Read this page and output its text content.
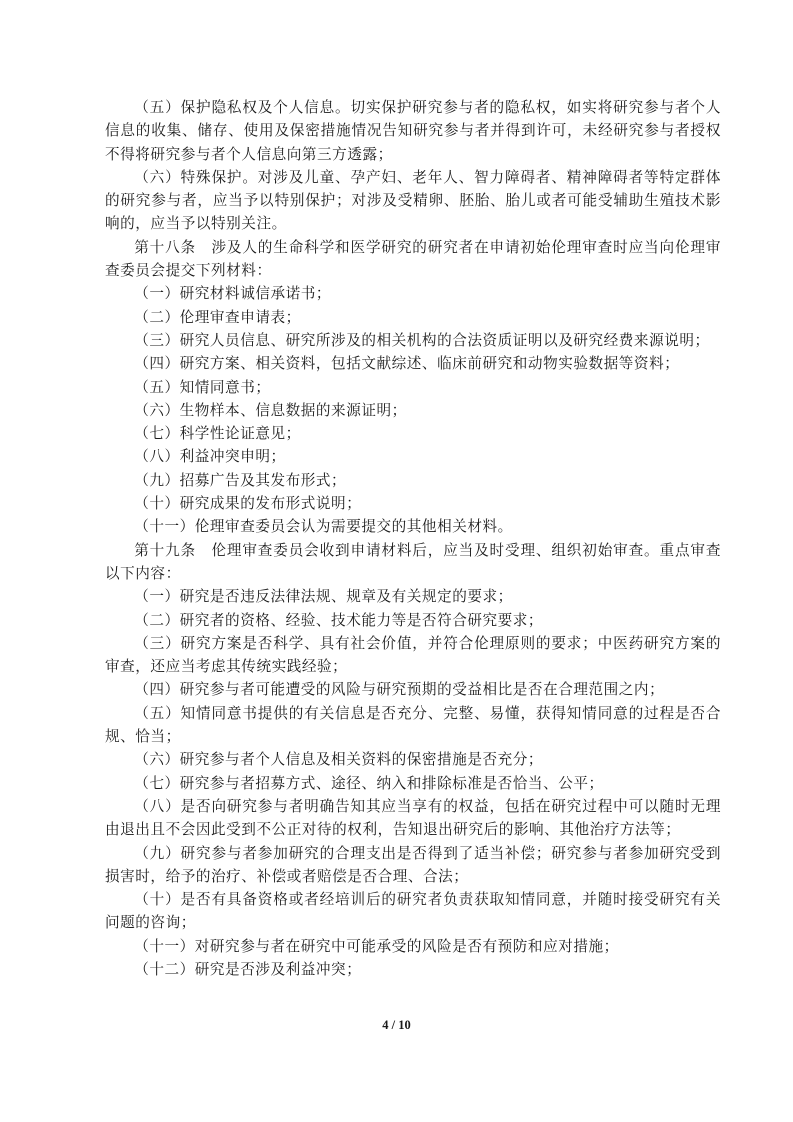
（五）保护隐私权及个人信息。切实保护研究参与者的隐私权，如实将研究参与者个人信息的收集、储存、使用及保密措施情况告知研究参与者并得到许可，未经研究参与者授权不得将研究参与者个人信息向第三方透露；

（六）特殊保护。对涉及儿童、孕产妇、老年人、智力障碍者、精神障碍者等特定群体的研究参与者，应当予以特别保护；对涉及受精卵、胚胎、胎儿或者可能受辅助生殖技术影响的，应当予以特别关注。

第十八条　涉及人的生命科学和医学研究的研究者在申请初始伦理审查时应当向伦理审查委员会提交下列材料：

（一）研究材料诚信承诺书；

（二）伦理审查申请表；

（三）研究人员信息、研究所涉及的相关机构的合法资质证明以及研究经费来源说明；

（四）研究方案、相关资料，包括文献综述、临床前研究和动物实验数据等资料；

（五）知情同意书；

（六）生物样本、信息数据的来源证明；

（七）科学性论证意见；

（八）利益冲突申明；

（九）招募广告及其发布形式；

（十）研究成果的发布形式说明；

（十一）伦理审查委员会认为需要提交的其他相关材料。

第十九条　伦理审查委员会收到申请材料后，应当及时受理、组织初始审查。重点审查以下内容：

（一）研究是否违反法律法规、规章及有关规定的要求；

（二）研究者的资格、经验、技术能力等是否符合研究要求；

（三）研究方案是否科学、具有社会价值，并符合伦理原则的要求；中医药研究方案的审查，还应当考虑其传统实践经验；

（四）研究参与者可能遭受的风险与研究预期的受益相比是否在合理范围之内；

（五）知情同意书提供的有关信息是否充分、完整、易懂，获得知情同意的过程是否合规、恰当；

（六）研究参与者个人信息及相关资料的保密措施是否充分；

（七）研究参与者招募方式、途径、纳入和排除标准是否恰当、公平；

（八）是否向研究参与者明确告知其应当享有的权益，包括在研究过程中可以随时无理由退出且不会因此受到不公正对待的权利，告知退出研究后的影响、其他治疗方法等；

（九）研究参与者参加研究的合理支出是否得到了适当补偿；研究参与者参加研究受到损害时，给予的治疗、补偿或者赔偿是否合理、合法；

（十）是否有具备资格或者经培训后的研究者负责获取知情同意，并随时接受研究有关问题的咨询；

（十一）对研究参与者在研究中可能承受的风险是否有预防和应对措施；

（十二）研究是否涉及利益冲突；

4 / 10
